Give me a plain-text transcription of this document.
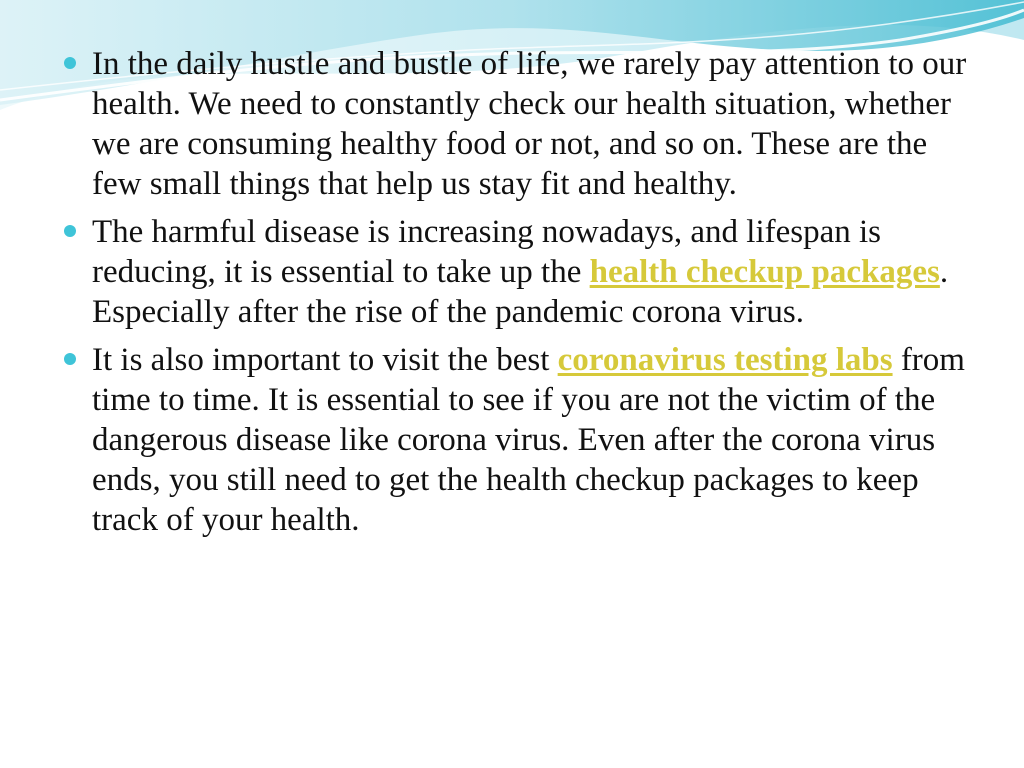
In the daily hustle and bustle of life, we rarely pay attention to our health. We need to constantly check our health situation, whether we are consuming healthy food or not, and so on. These are the few small things that help us stay fit and healthy.
The harmful disease is increasing nowadays, and lifespan is reducing, it is essential to take up the health checkup packages. Especially after the rise of the pandemic corona virus.
It is also important to visit the best coronavirus testing labs from time to time. It is essential to see if you are not the victim of the dangerous disease like corona virus. Even after the corona virus ends, you still need to get the health checkup packages to keep track of your health.
